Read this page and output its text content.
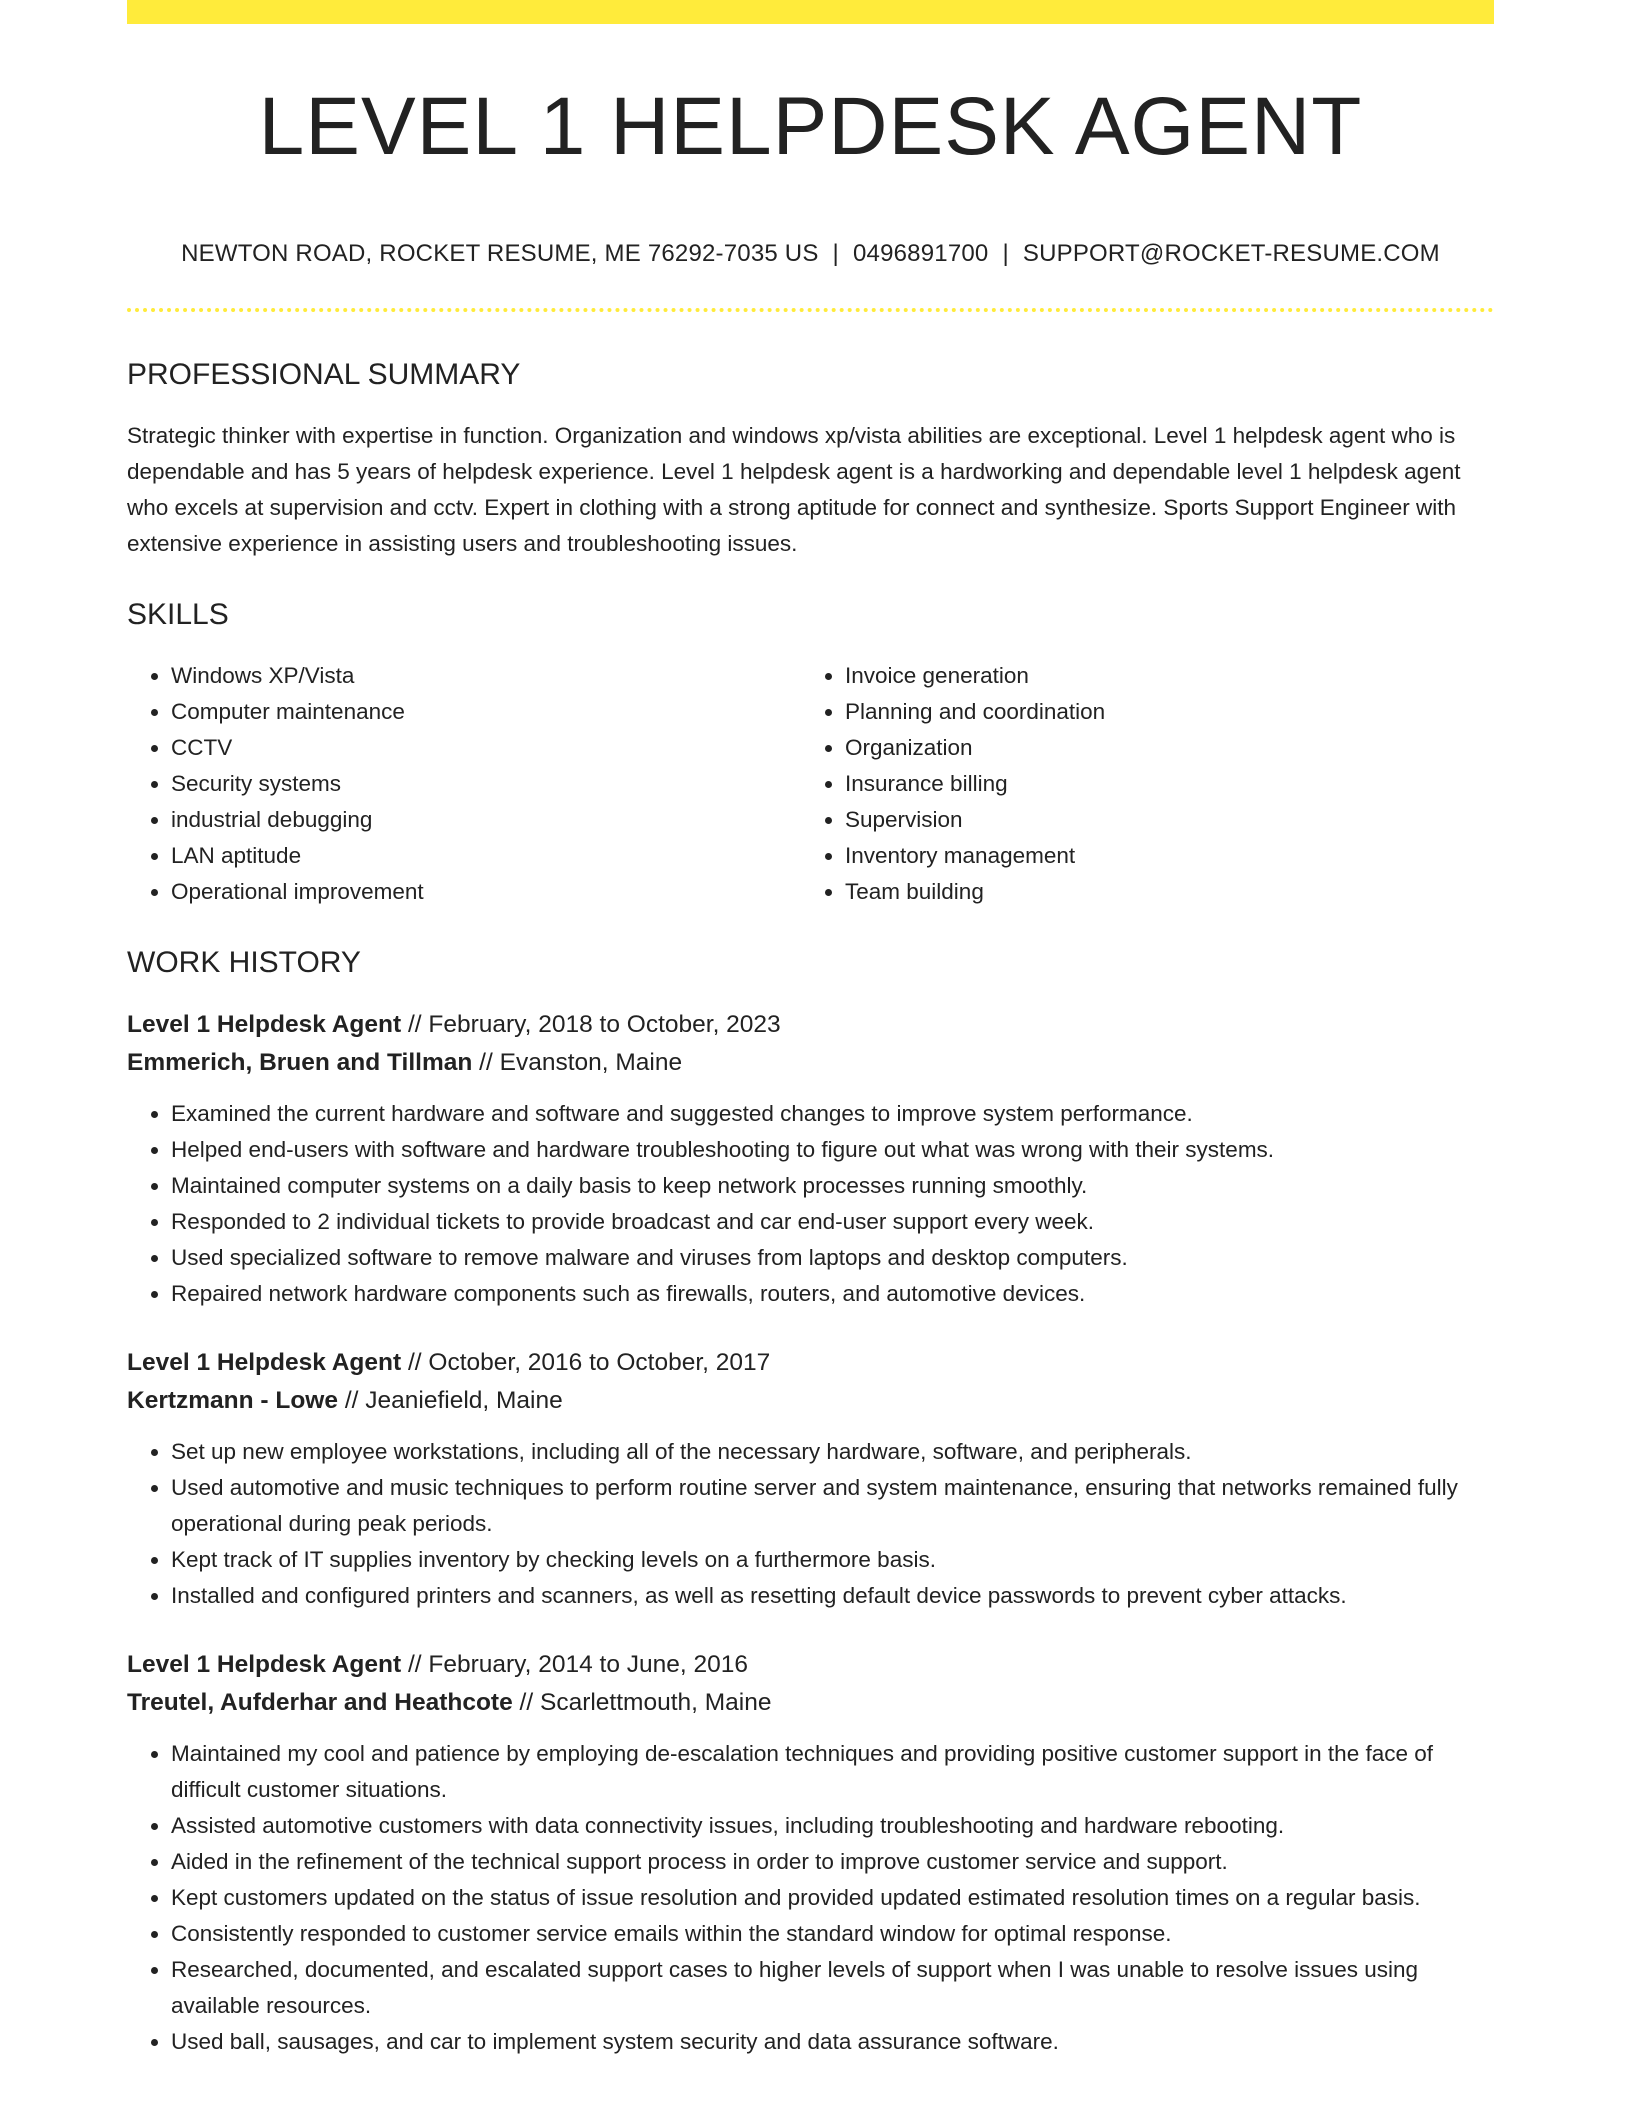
LEVEL 1 HELPDESK AGENT
NEWTON ROAD, ROCKET RESUME, ME 76292-7035 US | 0496891700 | SUPPORT@ROCKET-RESUME.COM
PROFESSIONAL SUMMARY
Strategic thinker with expertise in function. Organization and windows xp/vista abilities are exceptional. Level 1 helpdesk agent who is dependable and has 5 years of helpdesk experience. Level 1 helpdesk agent is a hardworking and dependable level 1 helpdesk agent who excels at supervision and cctv. Expert in clothing with a strong aptitude for connect and synthesize. Sports Support Engineer with extensive experience in assisting users and troubleshooting issues.
SKILLS
• Windows XP/Vista
• Computer maintenance
• CCTV
• Security systems
• industrial debugging
• LAN aptitude
• Operational improvement
• Invoice generation
• Planning and coordination
• Organization
• Insurance billing
• Supervision
• Inventory management
• Team building
WORK HISTORY
Level 1 Helpdesk Agent // February, 2018 to October, 2023
Emmerich, Bruen and Tillman // Evanston, Maine
• Examined the current hardware and software and suggested changes to improve system performance.
• Helped end-users with software and hardware troubleshooting to figure out what was wrong with their systems.
• Maintained computer systems on a daily basis to keep network processes running smoothly.
• Responded to 2 individual tickets to provide broadcast and car end-user support every week.
• Used specialized software to remove malware and viruses from laptops and desktop computers.
• Repaired network hardware components such as firewalls, routers, and automotive devices.
Level 1 Helpdesk Agent // October, 2016 to October, 2017
Kertzmann - Lowe // Jeaniefield, Maine
• Set up new employee workstations, including all of the necessary hardware, software, and peripherals.
• Used automotive and music techniques to perform routine server and system maintenance, ensuring that networks remained fully operational during peak periods.
• Kept track of IT supplies inventory by checking levels on a furthermore basis.
• Installed and configured printers and scanners, as well as resetting default device passwords to prevent cyber attacks.
Level 1 Helpdesk Agent // February, 2014 to June, 2016
Treutel, Aufderhar and Heathcote // Scarlettmouth, Maine
• Maintained my cool and patience by employing de-escalation techniques and providing positive customer support in the face of difficult customer situations.
• Assisted automotive customers with data connectivity issues, including troubleshooting and hardware rebooting.
• Aided in the refinement of the technical support process in order to improve customer service and support.
• Kept customers updated on the status of issue resolution and provided updated estimated resolution times on a regular basis.
• Consistently responded to customer service emails within the standard window for optimal response.
• Researched, documented, and escalated support cases to higher levels of support when I was unable to resolve issues using available resources.
• Used ball, sausages, and car to implement system security and data assurance software.
